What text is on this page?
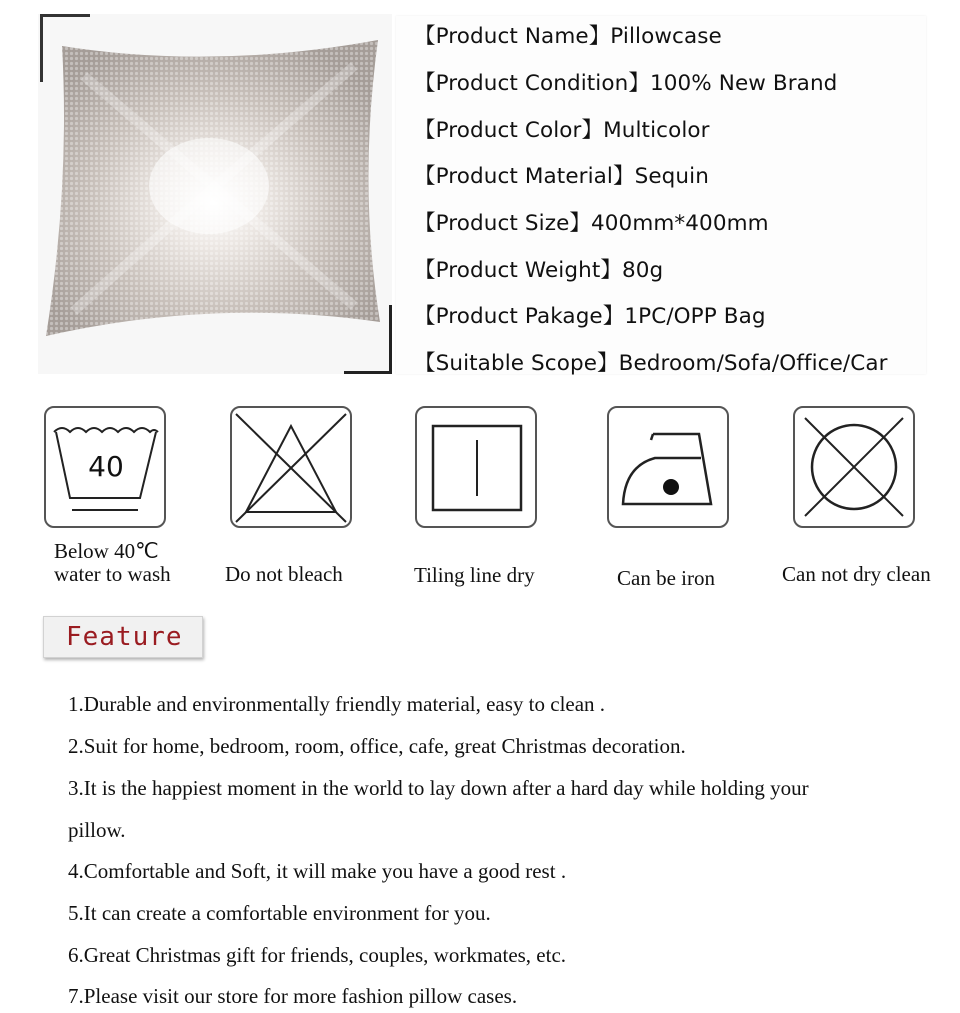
【Product Name】Pillowcase
【Product Condition】100% New Brand
【Product Color】Multicolor
【Product Material】Sequin
【Product Size】400mm*400mm
【Product Weight】80g
【Product Pakage】1PC/OPP Bag
【Suitable Scope】Bedroom/Sofa/Office/Car
40
Below 40℃
water to wash	Do not bleach	Tiling line dry	Can be iron	Can not dry clean
Feature
1.Durable and environmentally friendly material, easy to clean .
2.Suit for home, bedroom, room, office, cafe, great Christmas decoration.
3.It is the happiest moment in the world to lay down after a hard day while holding your
pillow.
4.Comfortable and Soft, it will make you have a good rest .
5.It can create a comfortable environment for you.
6.Great Christmas gift for friends, couples, workmates, etc.
7.Please visit our store for more fashion pillow cases.
